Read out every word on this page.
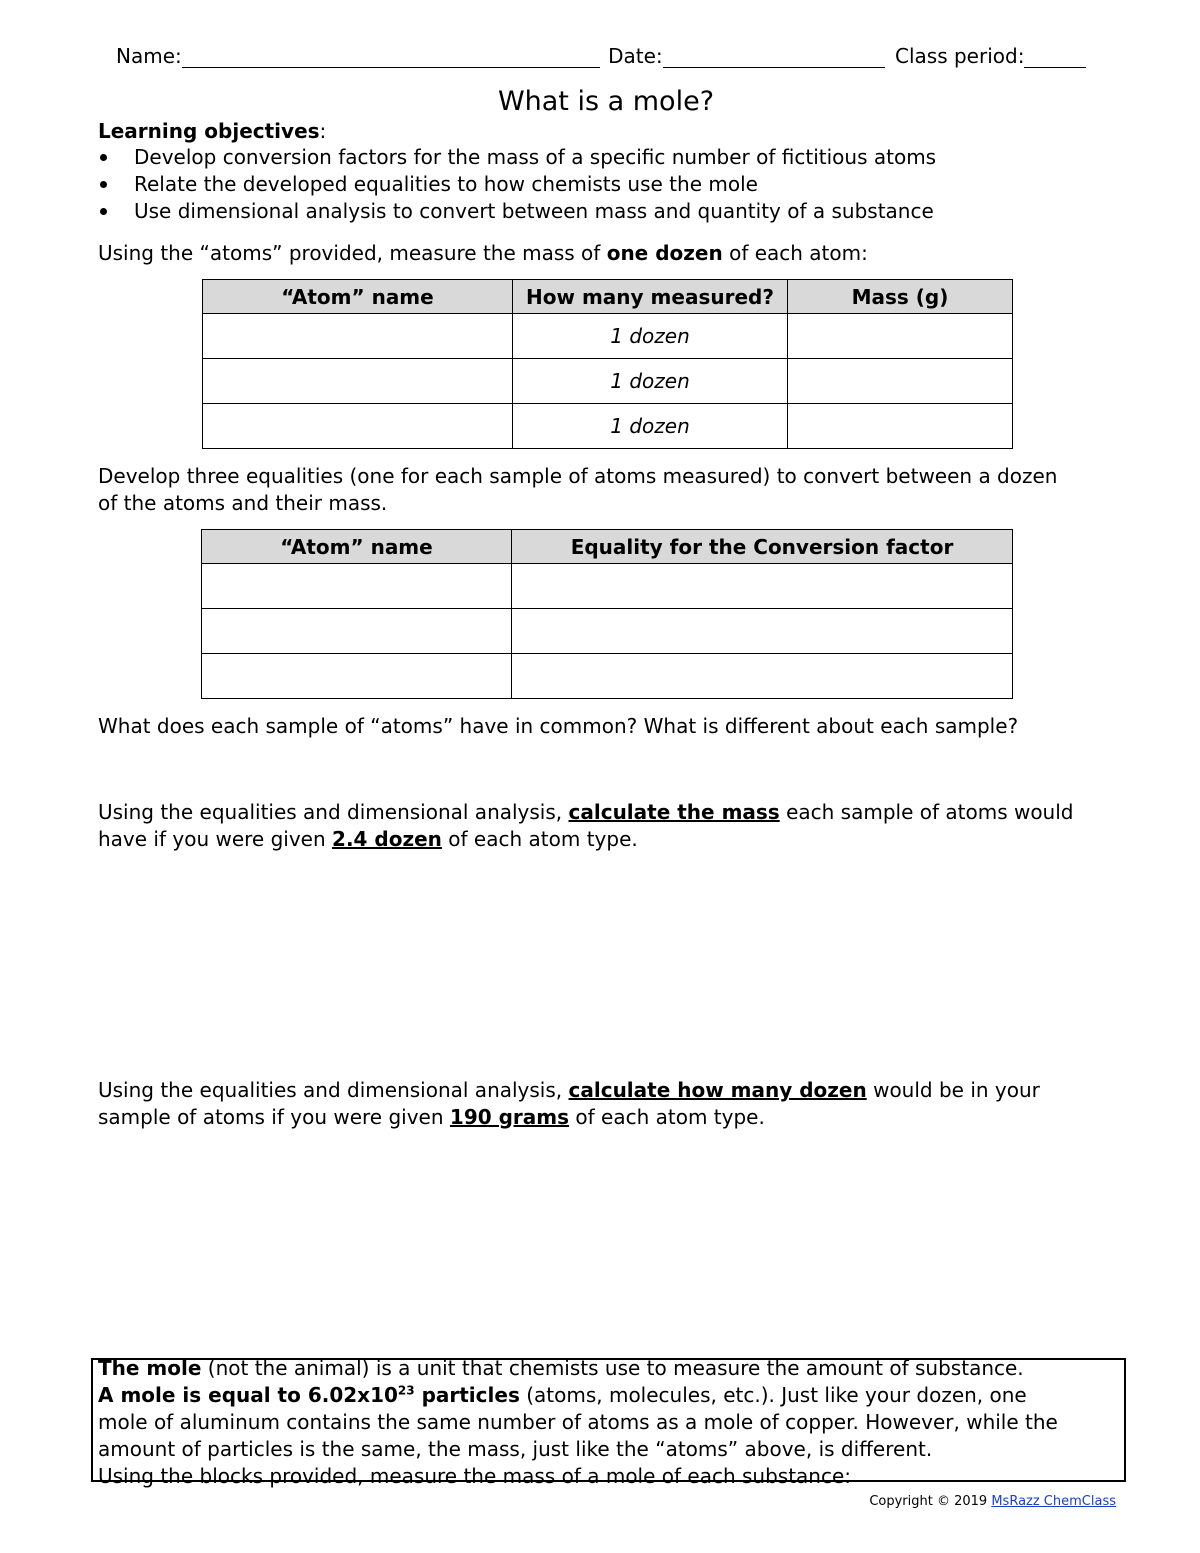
Name:	Date:	Class period:
What is a mole?
Learning objectives:
Develop conversion factors for the mass of a specific number of fictitious atoms
Relate the developed equalities to how chemists use the mole
Use dimensional analysis to convert between mass and quantity of a substance
Using the “atoms” provided, measure the mass of one dozen of each atom:
“Atom” name	How many measured?	Mass (g)
	1 dozen	
	1 dozen	
	1 dozen	
Develop three equalities (one for each sample of atoms measured) to convert between a dozen
of the atoms and their mass.
“Atom” name	Equality for the Conversion factor

What does each sample of “atoms” have in common? What is different about each sample?
Using the equalities and dimensional analysis, calculate the mass each sample of atoms would
have if you were given 2.4 dozen of each atom type.
Using the equalities and dimensional analysis, calculate how many dozen would be in your
sample of atoms if you were given 190 grams of each atom type.
The mole (not the animal) is a unit that chemists use to measure the amount of substance.
A mole is equal to $6.02x10^{23}$ particles (atoms, molecules, etc.). Just like your dozen, one
mole of aluminum contains the same number of atoms as a mole of copper. However, while the
amount of particles is the same, the mass, just like the “atoms” above, is different.
Using the blocks provided, measure the mass of a mole of each substance:
Copyright © 2019 MsRazz ChemClass
